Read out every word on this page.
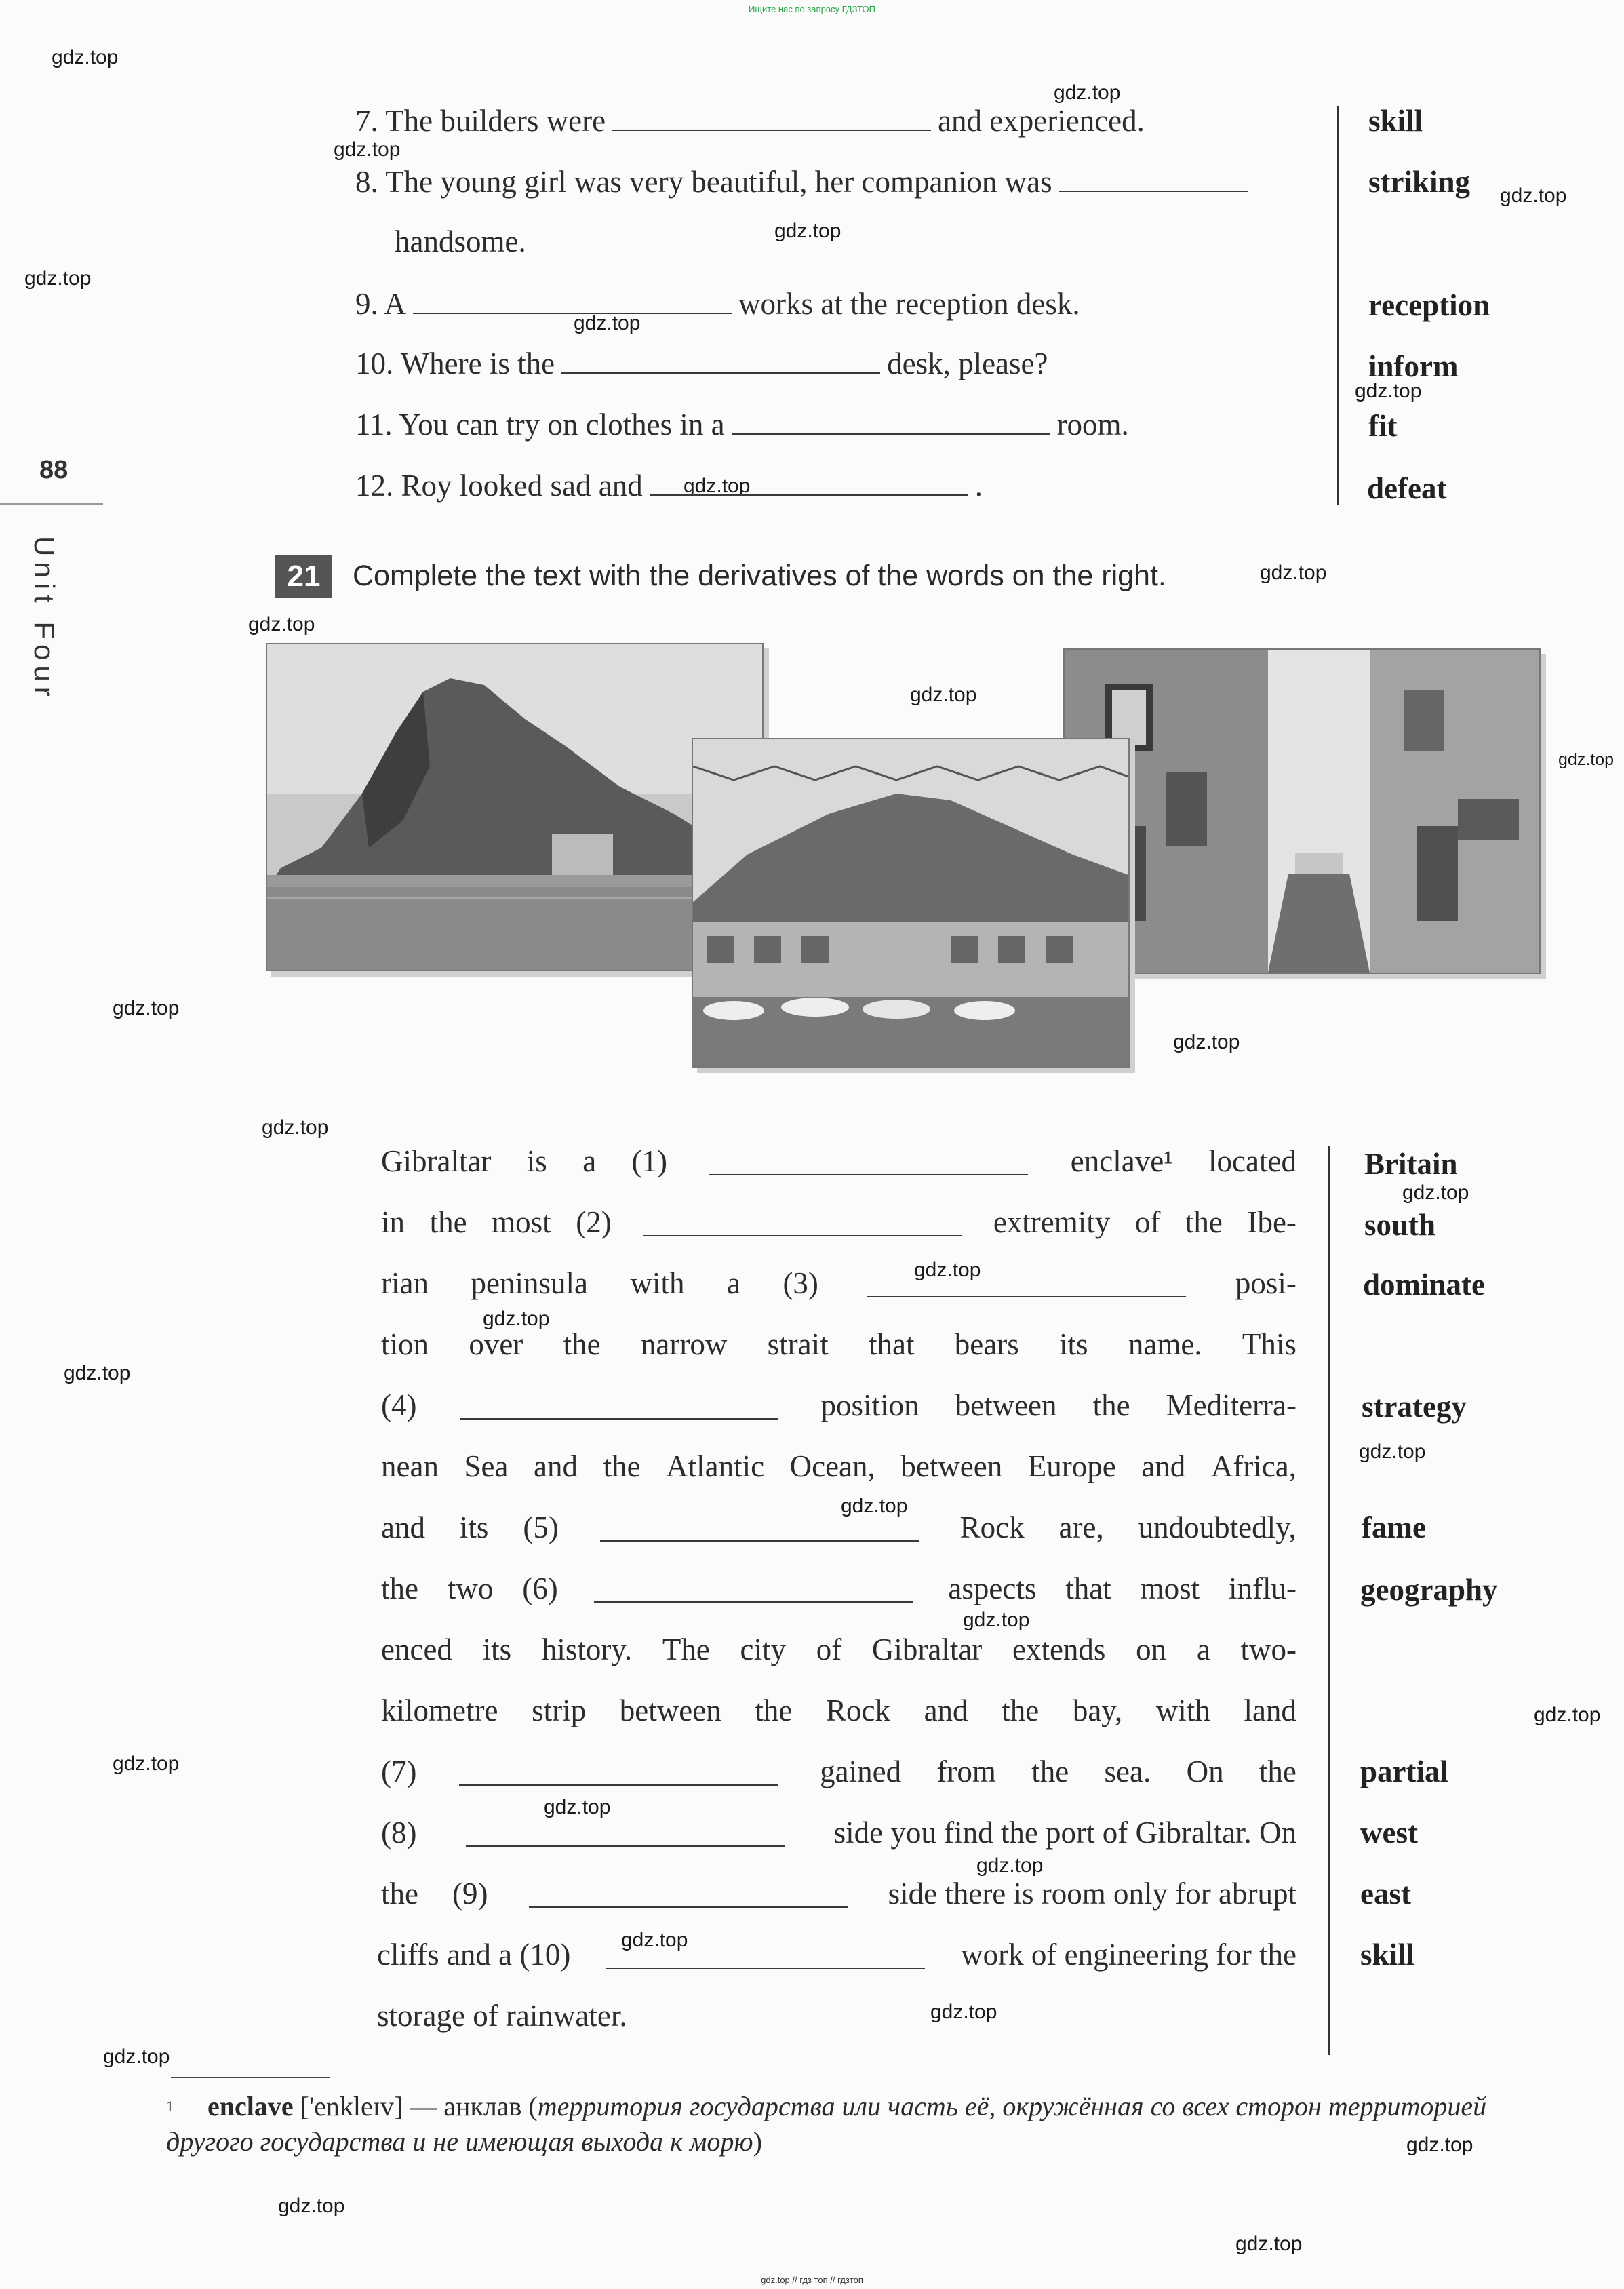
Ищите нас по запросу ГДЗТОП
gdz.top
gdz.top
gdz.top
gdz.top
gdz.top
gdz.top
gdz.top
gdz.top
gdz.top
gdz.top
gdz.top
gdz.top
gdz.top
gdz.top
gdz.top
gdz.top
gdz.top
gdz.top
gdz.top
gdz.top
gdz.top
gdz.top
gdz.top
gdz.top
gdz.top
gdz.top
gdz.top
gdz.top
gdz.top
gdz.top
gdz.top
gdz.top
gdz.top
88
Unit Four
7. The builders were	and experienced.	skill
8. The young girl was very beautiful, her companion was	striking
handsome.
9. A	works at the reception desk.	reception
10. Where is the	desk, please?	inform
11. You can try on clothes in a	room.	fit
12. Roy looked sad and	.	defeat
21	Complete the text with the derivatives of the words on the right.
Gibraltar is a (1)	enclave¹ located Britain
in the most (2)	extremity of the Ibe- south
rian peninsula with a (3)	posi- dominate
tion over the narrow strait that bears its name. This
(4)	position between the Mediterra- strategy
nean Sea and the Atlantic Ocean, between Europe and Africa,
and its (5)	Rock are, undoubtedly, fame
the two (6)	aspects that most influ- geography
enced its history. The city of Gibraltar extends on a two-
kilometre strip between the Rock and the bay, with land
(7)	gained from the sea. On the partial
(8)	side you find the port of Gibraltar. On west
the (9)	side there is room only for abrupt east
cliffs and a (10)	work of engineering for the skill
storage of rainwater.
$^1$ enclave ['enkleɪv] — анклав (территория государства или часть её, окружённая со всех сторон территорией другого государства и не имеющая выхода к морю)
gdz.top // гдз топ // гдзтоп
